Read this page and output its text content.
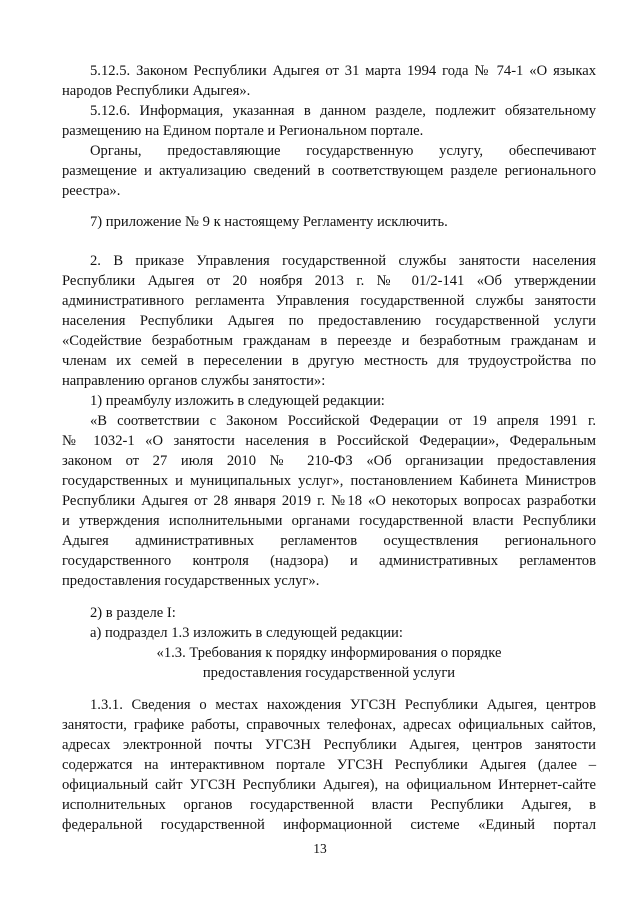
5.12.5. Законом Республики Адыгея от 31 марта 1994 года № 74-1 «О языках
народов Республики Адыгея».
5.12.6. Информация, указанная в данном разделе, подлежит обязательному
размещению на Едином портале и Региональном портале.
Органы, предоставляющие государственную услугу, обеспечивают
размещение и актуализацию сведений в соответствующем разделе регионального
реестра».
7) приложение № 9 к настоящему Регламенту исключить.
2. В приказе Управления государственной службы занятости населения
Республики Адыгея от 20 ноября 2013 г. № 01/2-141 «Об утверждении
административного регламента Управления государственной службы занятости
населения Республики Адыгея по предоставлению государственной услуги
«Содействие безработным гражданам в переезде и безработным гражданам и
членам их семей в переселении в другую местность для трудоустройства по
направлению органов службы занятости»:
1) преамбулу изложить в следующей редакции:
«В соответствии с Законом Российской Федерации от 19 апреля 1991 г.
№ 1032-1 «О занятости населения в Российской Федерации», Федеральным
законом от 27 июля 2010 № 210-ФЗ «Об организации предоставления
государственных и муниципальных услуг», постановлением Кабинета Министров
Республики Адыгея от 28 января 2019 г. №18 «О некоторых вопросах разработки
и утверждения исполнительными органами государственной власти Республики
Адыгея административных регламентов осуществления регионального
государственного контроля (надзора) и административных регламентов
предоставления государственных услуг».
2) в разделе I:
а) подраздел 1.3 изложить в следующей редакции:
«1.3. Требования к порядку информирования о порядке
предоставления государственной услуги
1.3.1. Сведения о местах нахождения УГСЗН Республики Адыгея, центров
занятости, графике работы, справочных телефонах, адресах официальных сайтов,
адресах электронной почты УГСЗН Республики Адыгея, центров занятости
содержатся на интерактивном портале УГСЗН Республики Адыгея (далее –
официальный сайт УГСЗН Республики Адыгея), на официальном Интернет-сайте
исполнительных органов государственной власти Республики Адыгея, в
федеральной государственной информационной системе «Единый портал
13
